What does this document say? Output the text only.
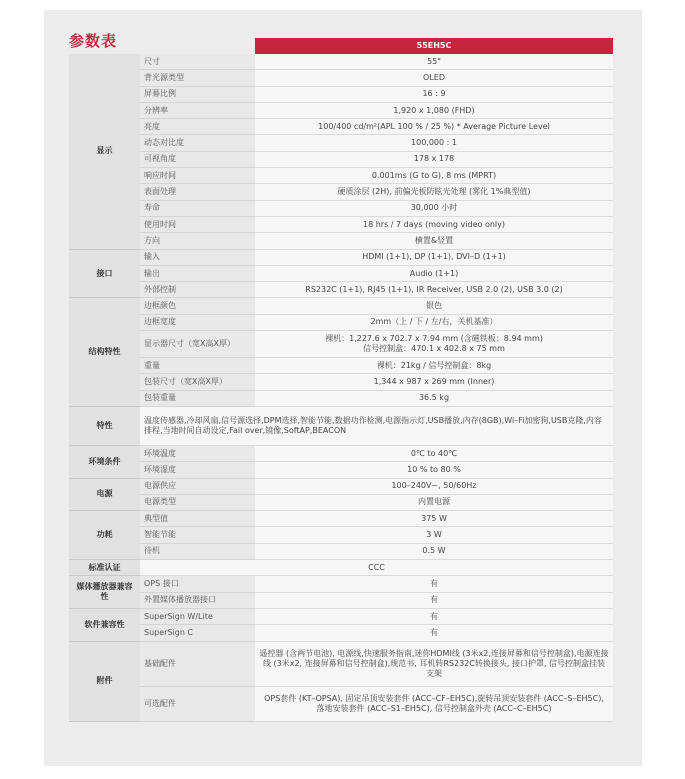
参数表
		55EH5C
显示	尺寸	55"
	背光源类型	OLED
	屏幕比例	16 : 9
	分辨率	1,920 x 1,080 (FHD)
	亮度	100/400 cd/m²(APL 100 % / 25 %) * Average Picture Level
	动态对比度	100,000 : 1
	可视角度	178 x 178
	响应时间	0.001ms (G to G), 8 ms (MPRT)
	表面处理	硬质涂层 (2H), 前偏光板防眩光处理 (雾化 1%典型值)
	寿命	30,000 小时
	使用时间	18 hrs / 7 days (moving video only)
	方向	横置&竖置
接口	输入	HDMI (1+1), DP (1+1), DVI–D (1+1)
	输出	Audio (1+1)
	外部控制	RS232C (1+1), RJ45 (1+1), IR Receiver, USB 2.0 (2), USB 3.0 (2)
结构特性	边框颜色	银色
	边框宽度	2mm（上 / 下 / 左/右，关机基准）
	显示器尺寸（宽X高X厚）	裸机：1,227.6 x 702.7 x 7.94 mm (含磁铁板：8.94 mm)
信号控制盒：470.1 x 402.8 x 75 mm

	重量	裸机：21kg / 信号控制盒：8kg
	包装尺寸（宽X高X厚）	1,344 x 987 x 269 mm (Inner)
	包装重量	36.5 kg
特性	温度传感器,冷却风扇,信号源选择,DPM选择,智能节能,数据功作检测,电源指示灯,USB播放,内存(8GB),Wi–Fi加密狗,USB克隆,内容排程,当地时间自动设定,Fail over,镜像,SoftAP,BEACON	
环境条件	环境温度	0℃ to 40℃
	环境湿度	10 % to 80 %
电源	电源供应	100–240V~, 50/60Hz
	电源类型	内置电源
功耗	典型值	375 W
	智能节能	3 W
	待机	0.5 W
标准认证	CCC	
媒体播放器兼容性	OPS 接口	有
	外置媒体播放器接口	有
软件兼容性	SuperSign W/Lite	有
	SuperSign C	有
附件	基础配件	遥控器 (含两节电池), 电源线,快速服务指南,迷你HDMI线 (3米x2,连接屏幕和信号控制盒),电源连接线 (3米x2, 连接屏幕和信号控制盒),规范书, 耳机转RS232C转换接头, 接口护罩, 信号控制盒挂装支架
	可选配件	OPS套件 (KT–OPSA), 固定吊顶安装套件 (ACC–CF–EH5C),旋转吊顶安装套件 (ACC–S–EH5C), 落地安装套件 (ACC–S1–EH5C), 信号控制盒外壳 (ACC–C–EH5C)
